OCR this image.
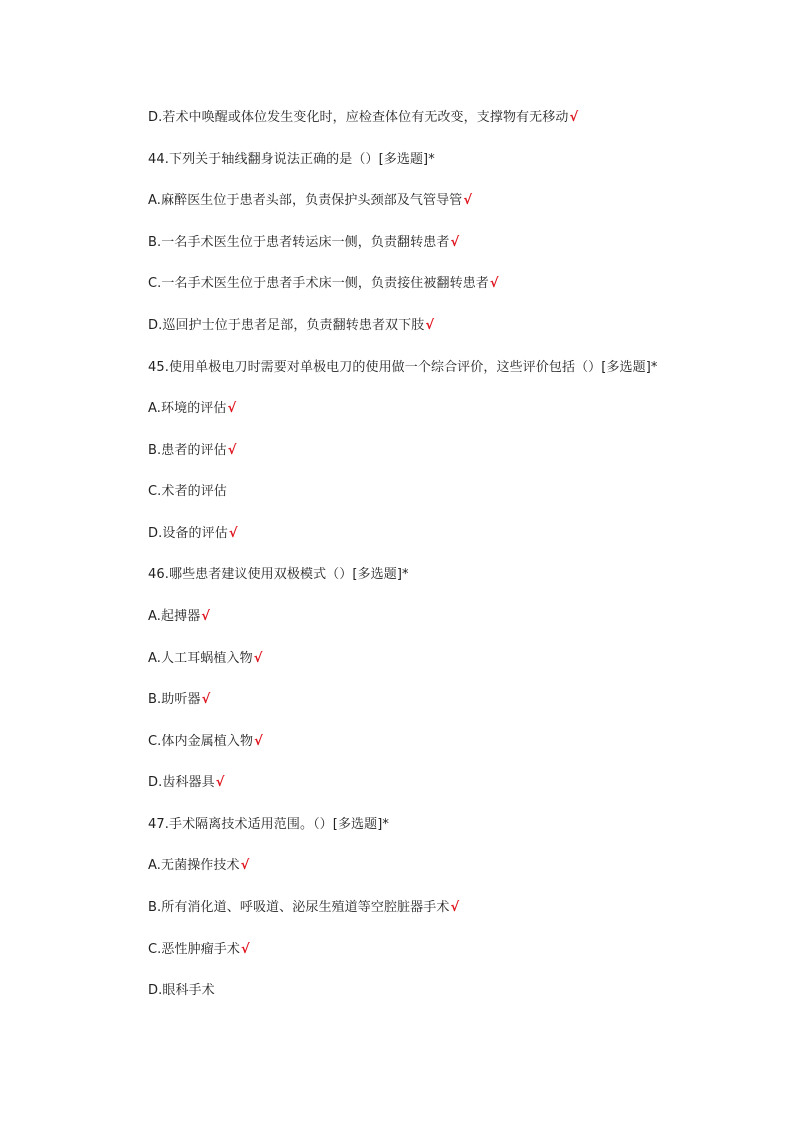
D.若术中唤醒或体位发生变化时，应检查体位有无改变，支撑物有无移动√
44.下列关于轴线翻身说法正确的是（）[多选题]*
A.麻醉医生位于患者头部，负责保护头颈部及气管导管√
B.一名手术医生位于患者转运床一侧，负责翻转患者√
C.一名手术医生位于患者手术床一侧，负责接住被翻转患者√
D.巡回护士位于患者足部，负责翻转患者双下肢√
45.使用单极电刀时需要对单极电刀的使用做一个综合评价，这些评价包括（）[多选题]*
A.环境的评估√
B.患者的评估√
C.术者的评估
D.设备的评估√
46.哪些患者建议使用双极模式（）[多选题]*
A.起搏器√
A.人工耳蜗植入物√
B.助听器√
C.体内金属植入物√
D.齿科器具√
47.手术隔离技术适用范围。（）[多选题]*
A.无菌操作技术√
B.所有消化道、呼吸道、泌尿生殖道等空腔脏器手术√
C.恶性肿瘤手术√
D.眼科手术
